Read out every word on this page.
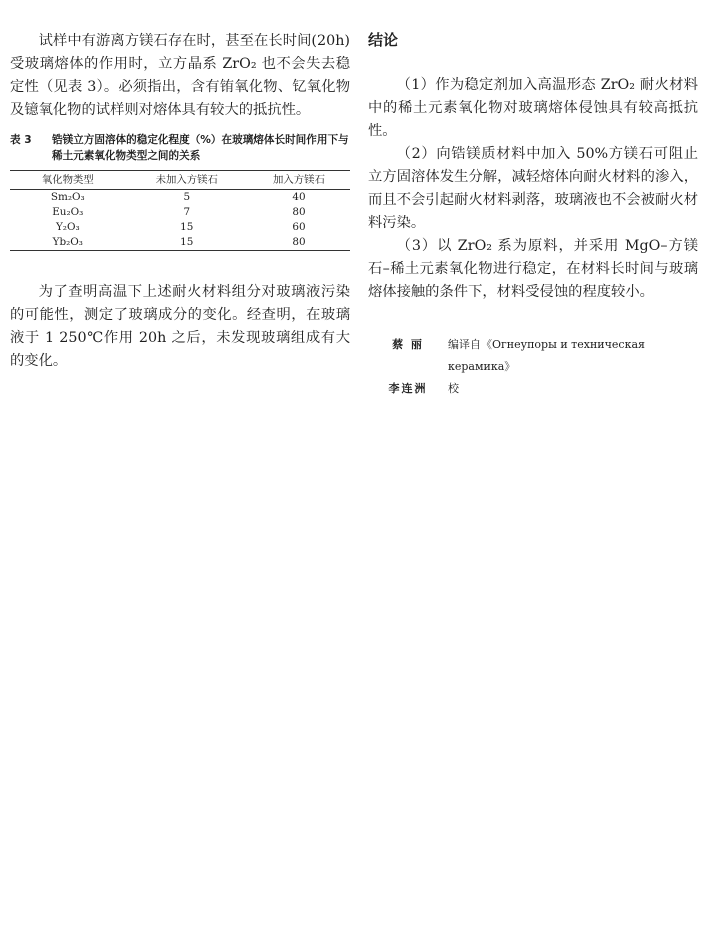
试样中有游离方镁石存在时，甚至在长时间(20h)受玻璃熔体的作用时，立方晶系 ZrO₂ 也不会失去稳定性（见表 3）。必须指出，含有铕氧化物、钇氧化物及镱氧化物的试样则对熔体具有较大的抵抗性。

表 3	锆镁立方固溶体的稳定化程度（%）在玻璃熔体长时间作用下与稀土元素氧化物类型之间的关系
氧化物类型	未加入方镁石	加入方镁石
Sm₂O₃	5	40
Eu₂O₃	7	80
Y₂O₃	15	60
Yb₂O₃	15	80

为了查明高温下上述耐火材料组分对玻璃液污染的可能性，测定了玻璃成分的变化。经查明，在玻璃液于 1 250℃作用 20h 之后，未发现玻璃组成有大的变化。

结论

（1）作为稳定剂加入高温形态 ZrO₂ 耐火材料中的稀土元素氧化物对玻璃熔体侵蚀具有较高抵抗性。

（2）向锆镁质材料中加入 50%方镁石可阻止立方固溶体发生分解，减轻熔体向耐火材料的渗入，而且不会引起耐火材料剥落，玻璃液也不会被耐火材料污染。

（3）以 ZrO₂ 系为原料，并采用 MgO–方镁石–稀土元素氧化物进行稳定，在材料长时间与玻璃熔体接触的条件下，材料受侵蚀的程度较小。

蔡 丽	编译自《Огнеупоры и техническая
керамика》
李连洲	校
